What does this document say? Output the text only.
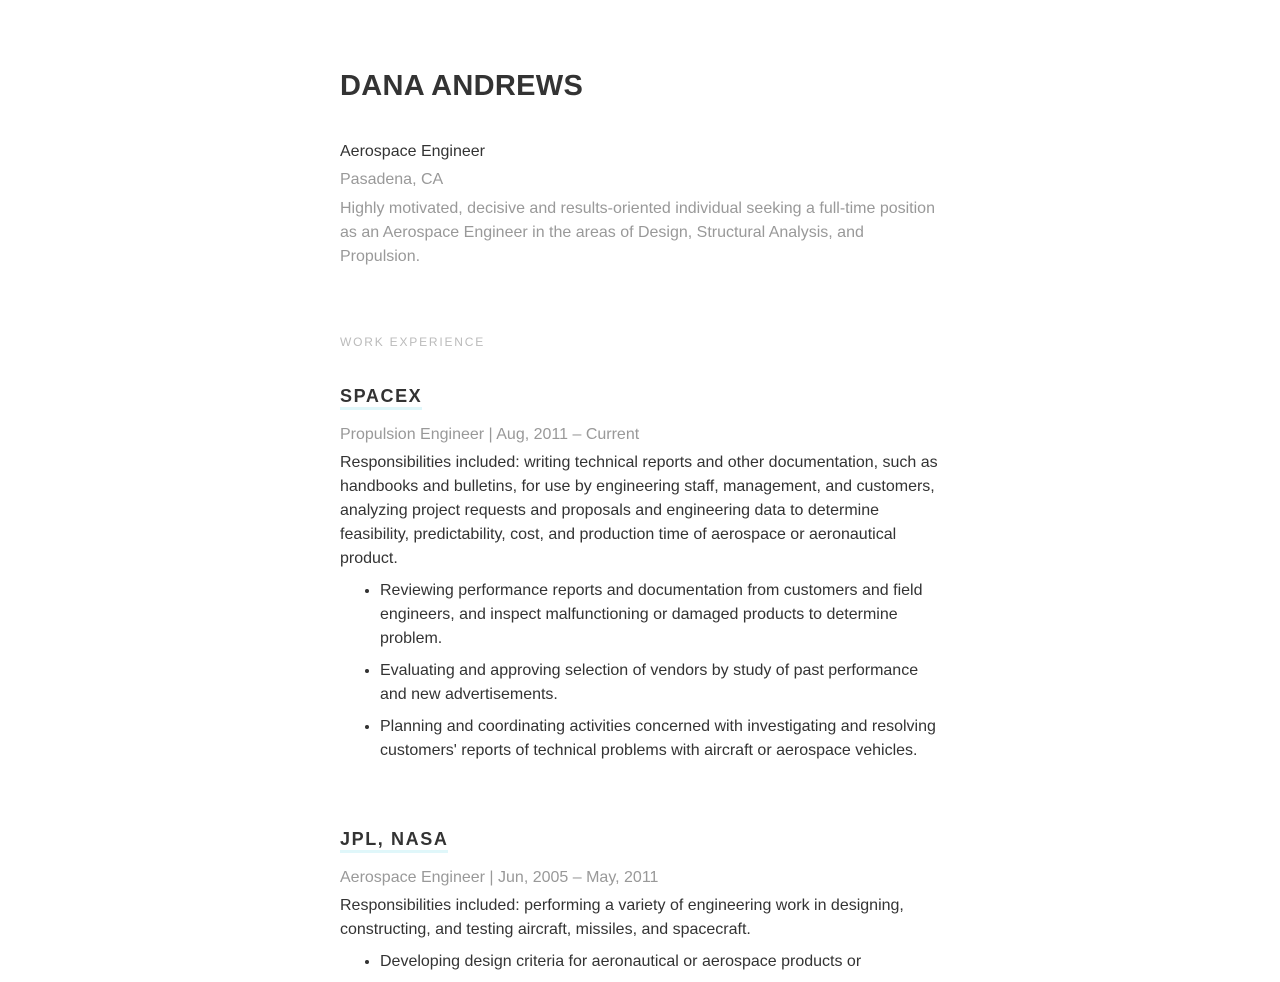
DANA ANDREWS
Aerospace Engineer
Pasadena, CA

Highly motivated, decisive and results-oriented individual seeking a full-time position as an Aerospace Engineer in the areas of Design, Structural Analysis, and Propulsion.

WORK EXPERIENCE
SPACEX
Propulsion Engineer | Aug, 2011 – Current

Responsibilities included: writing technical reports and other documentation, such as handbooks and bulletins, for use by engineering staff, management, and customers, analyzing project requests and proposals and engineering data to determine feasibility, predictability, cost, and production time of aerospace or aeronautical product.

• Reviewing performance reports and documentation from customers and field engineers, and inspect malfunctioning or damaged products to determine problem.
• Evaluating and approving selection of vendors by study of past performance and new advertisements.
• Planning and coordinating activities concerned with investigating and resolving customers' reports of technical problems with aircraft or aerospace vehicles.
JPL, NASA
Aerospace Engineer | Jun, 2005 – May, 2011

Responsibilities included: performing a variety of engineering work in designing, constructing, and testing aircraft, missiles, and spacecraft.

• Developing design criteria for aeronautical or aerospace products or
